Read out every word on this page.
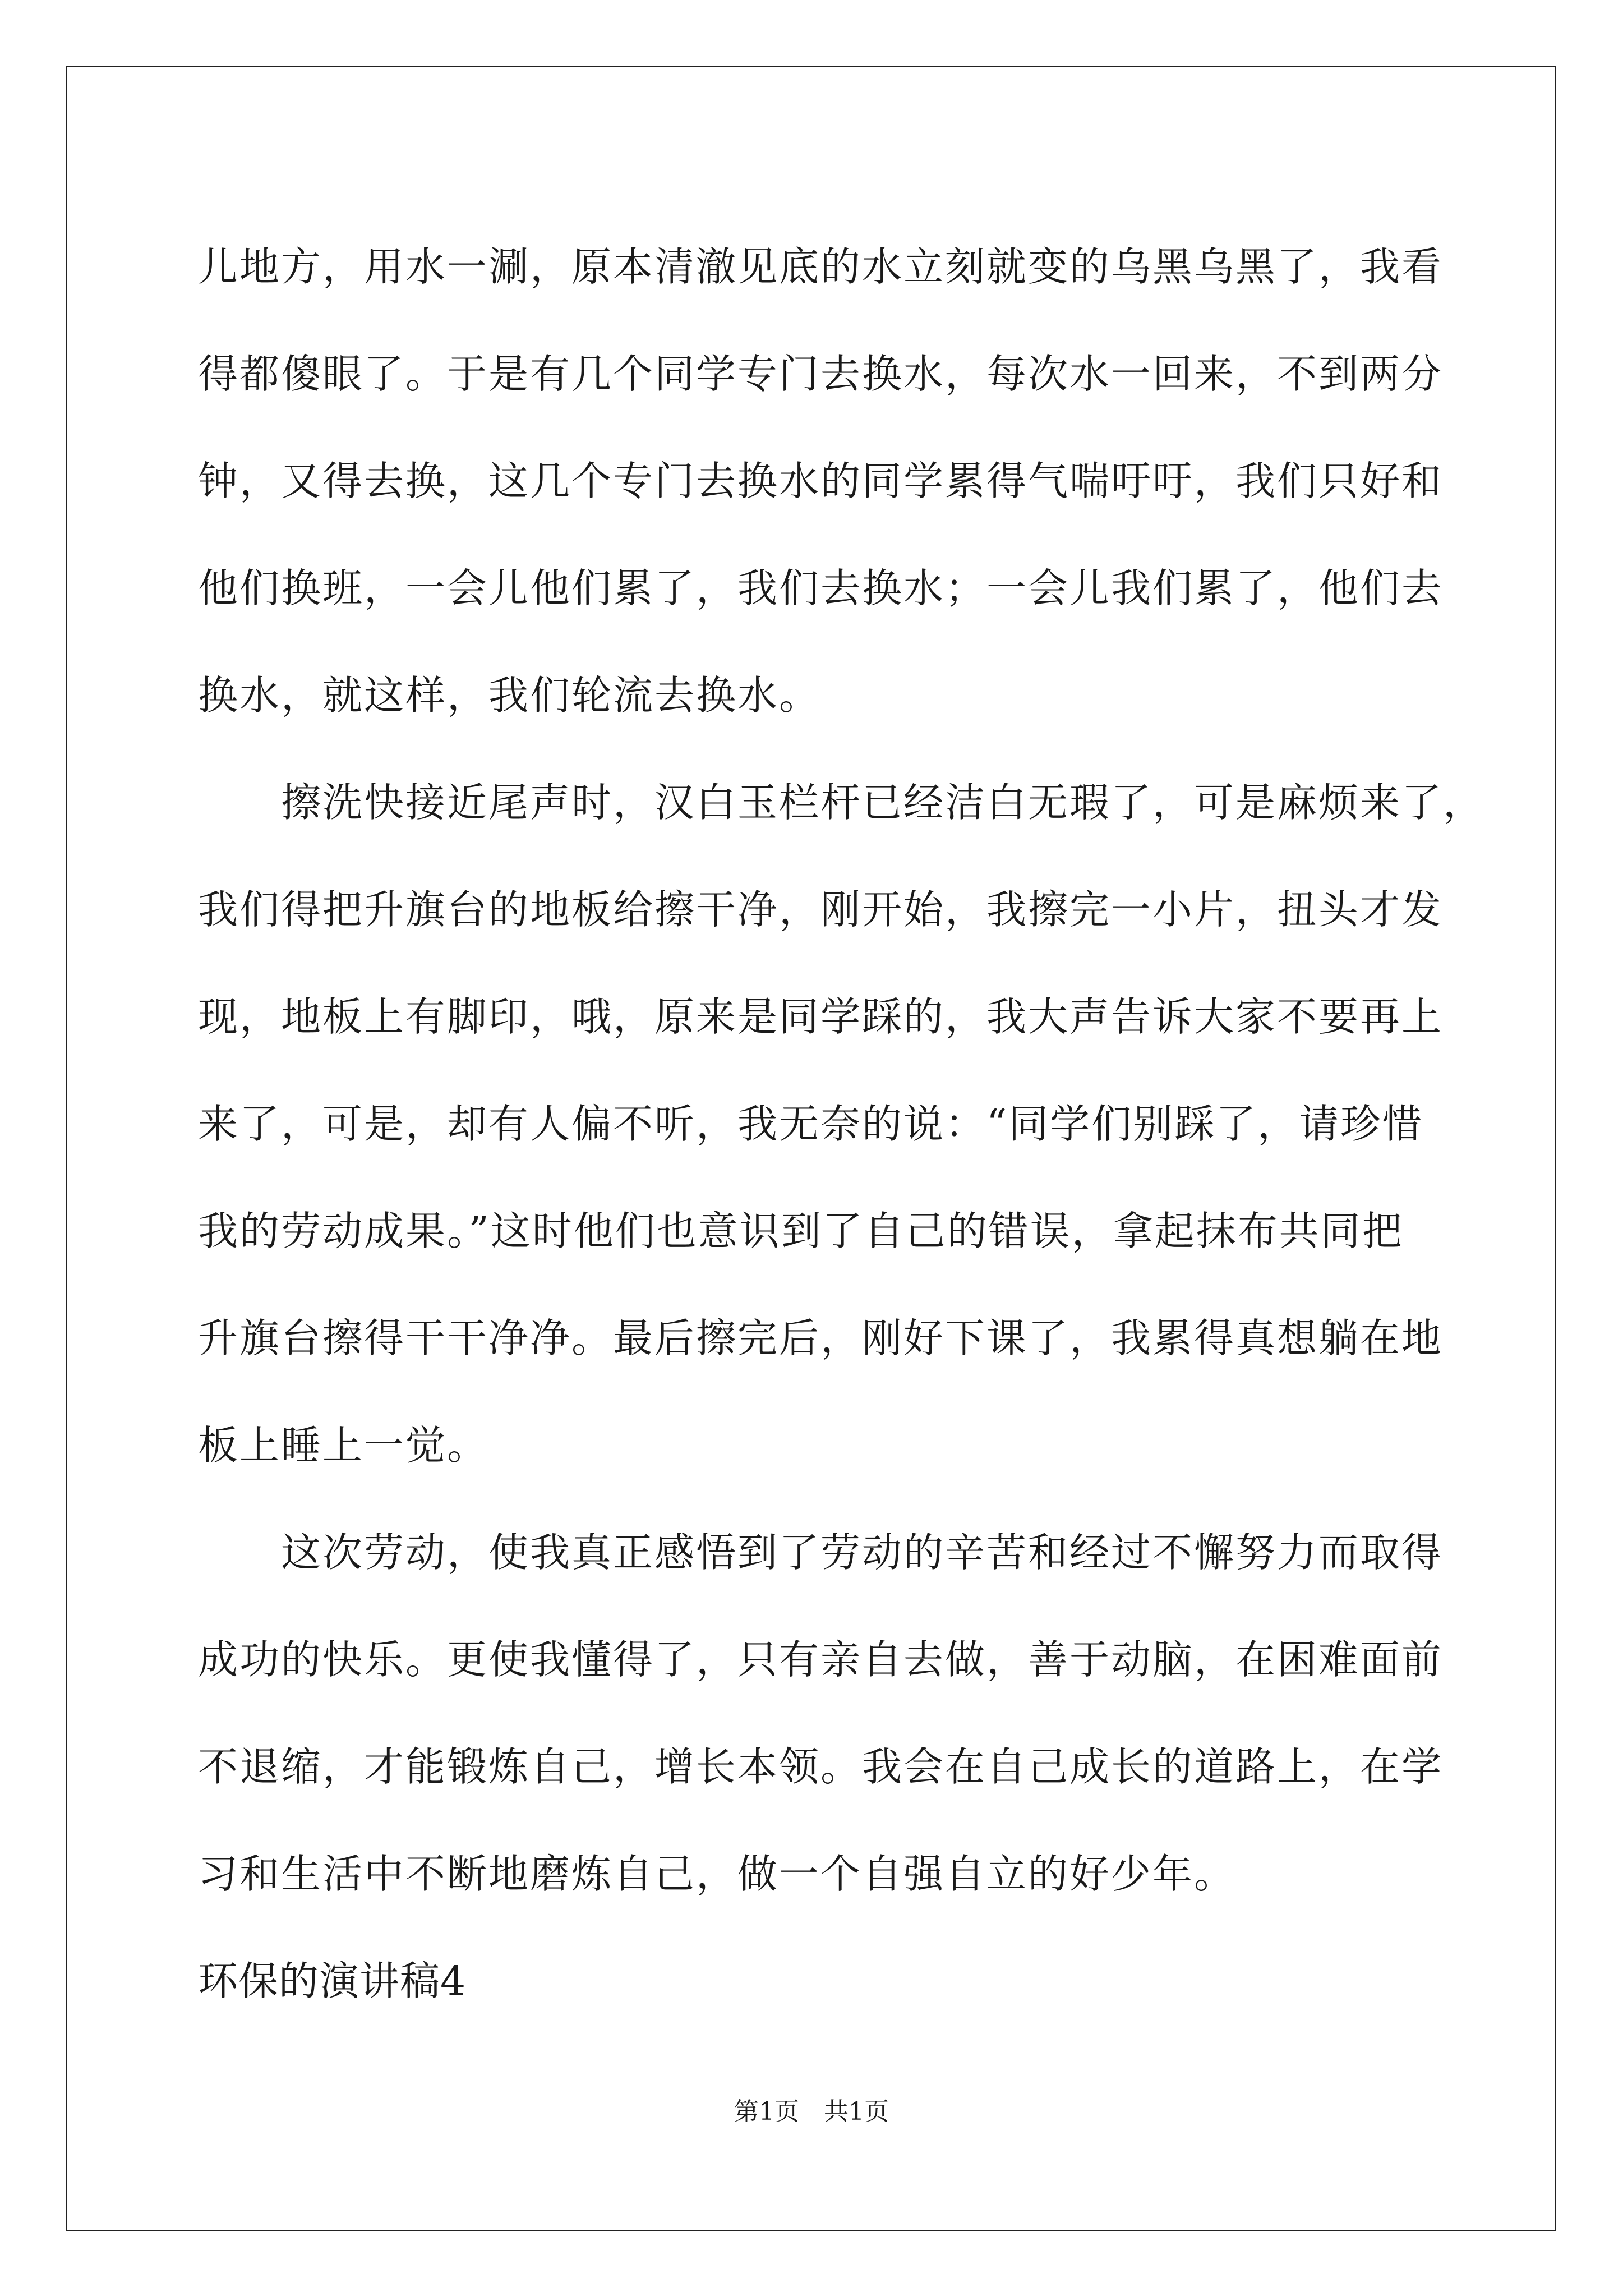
儿地方，用水一涮，原本清澈见底的水立刻就变的乌黑乌黑了，我看
得都傻眼了。于是有几个同学专门去换水，每次水一回来，不到两分
钟，又得去换，这几个专门去换水的同学累得气喘吁吁，我们只好和
他们换班，一会儿他们累了，我们去换水；一会儿我们累了，他们去
换水，就这样，我们轮流去换水。
擦洗快接近尾声时，汉白玉栏杆已经洁白无瑕了，可是麻烦来了，
我们得把升旗台的地板给擦干净，刚开始，我擦完一小片，扭头才发
现，地板上有脚印，哦，原来是同学踩的，我大声告诉大家不要再上
来了，可是，却有人偏不听，我无奈的说：“同学们别踩了，请珍惜
我的劳动成果。”这时他们也意识到了自己的错误，拿起抹布共同把
升旗台擦得干干净净。最后擦完后，刚好下课了，我累得真想躺在地
板上睡上一觉。
这次劳动，使我真正感悟到了劳动的辛苦和经过不懈努力而取得
成功的快乐。更使我懂得了，只有亲自去做，善于动脑，在困难面前
不退缩，才能锻炼自己，增长本领。我会在自己成长的道路上，在学
习和生活中不断地磨炼自己，做一个自强自立的好少年。
环保的演讲稿4
第1页 共1页
